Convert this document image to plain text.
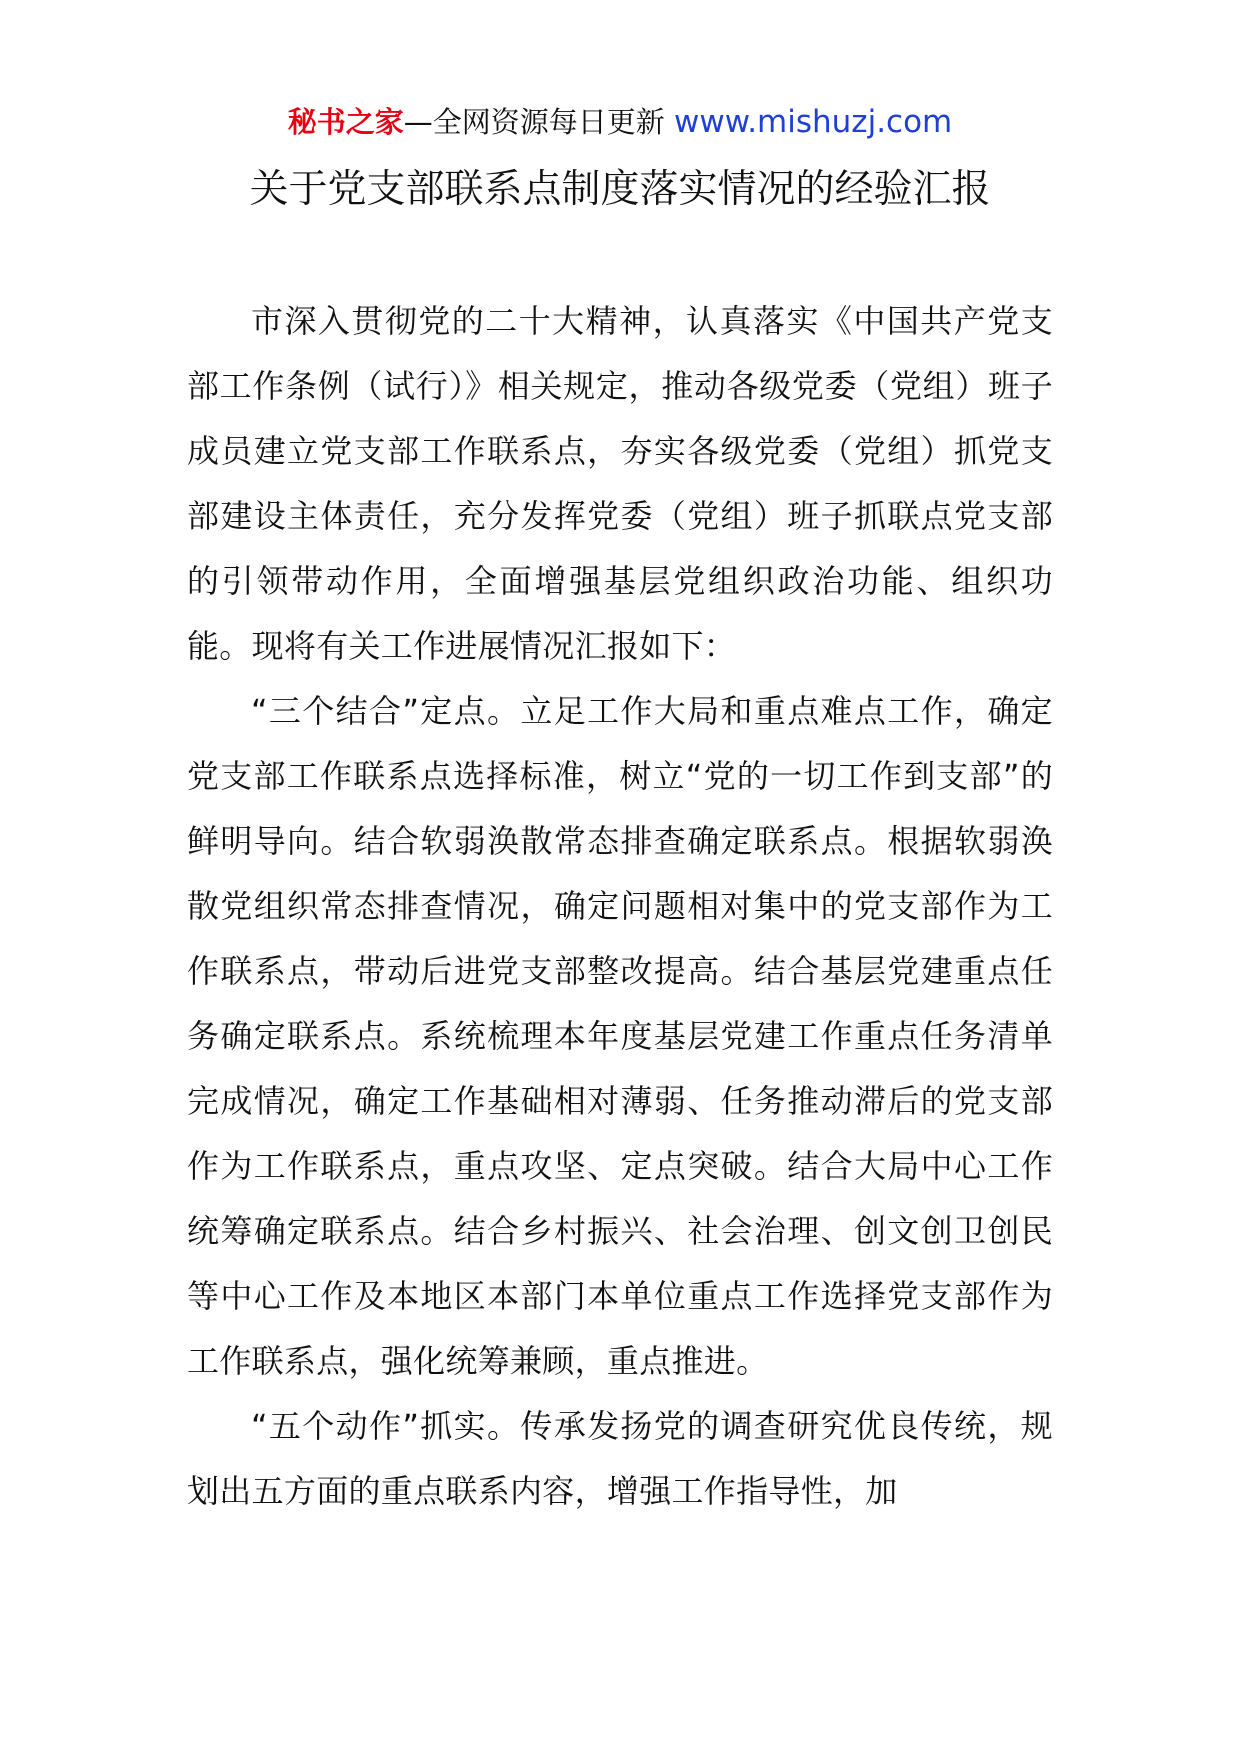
秘书之家—全网资源每日更新 www.mishuzj.com
关于党支部联系点制度落实情况的经验汇报

市深入贯彻党的二十大精神，认真落实《中国共产党支部工作条例（试行）》相关规定，推动各级党委（党组）班子成员建立党支部工作联系点，夯实各级党委（党组）抓党支部建设主体责任，充分发挥党委（党组）班子抓联点党支部的引领带动作用，全面增强基层党组织政治功能、组织功能。现将有关工作进展情况汇报如下：

“三个结合”定点。立足工作大局和重点难点工作，确定党支部工作联系点选择标准，树立“党的一切工作到支部”的鲜明导向。结合软弱涣散常态排查确定联系点。根据软弱涣散党组织常态排查情况，确定问题相对集中的党支部作为工作联系点，带动后进党支部整改提高。结合基层党建重点任务确定联系点。系统梳理本年度基层党建工作重点任务清单完成情况，确定工作基础相对薄弱、任务推动滞后的党支部作为工作联系点，重点攻坚、定点突破。结合大局中心工作统筹确定联系点。结合乡村振兴、社会治理、创文创卫创民等中心工作及本地区本部门本单位重点工作选择党支部作为工作联系点，强化统筹兼顾，重点推进。

“五个动作”抓实。传承发扬党的调查研究优良传统，规划出五方面的重点联系内容，增强工作指导性，加
